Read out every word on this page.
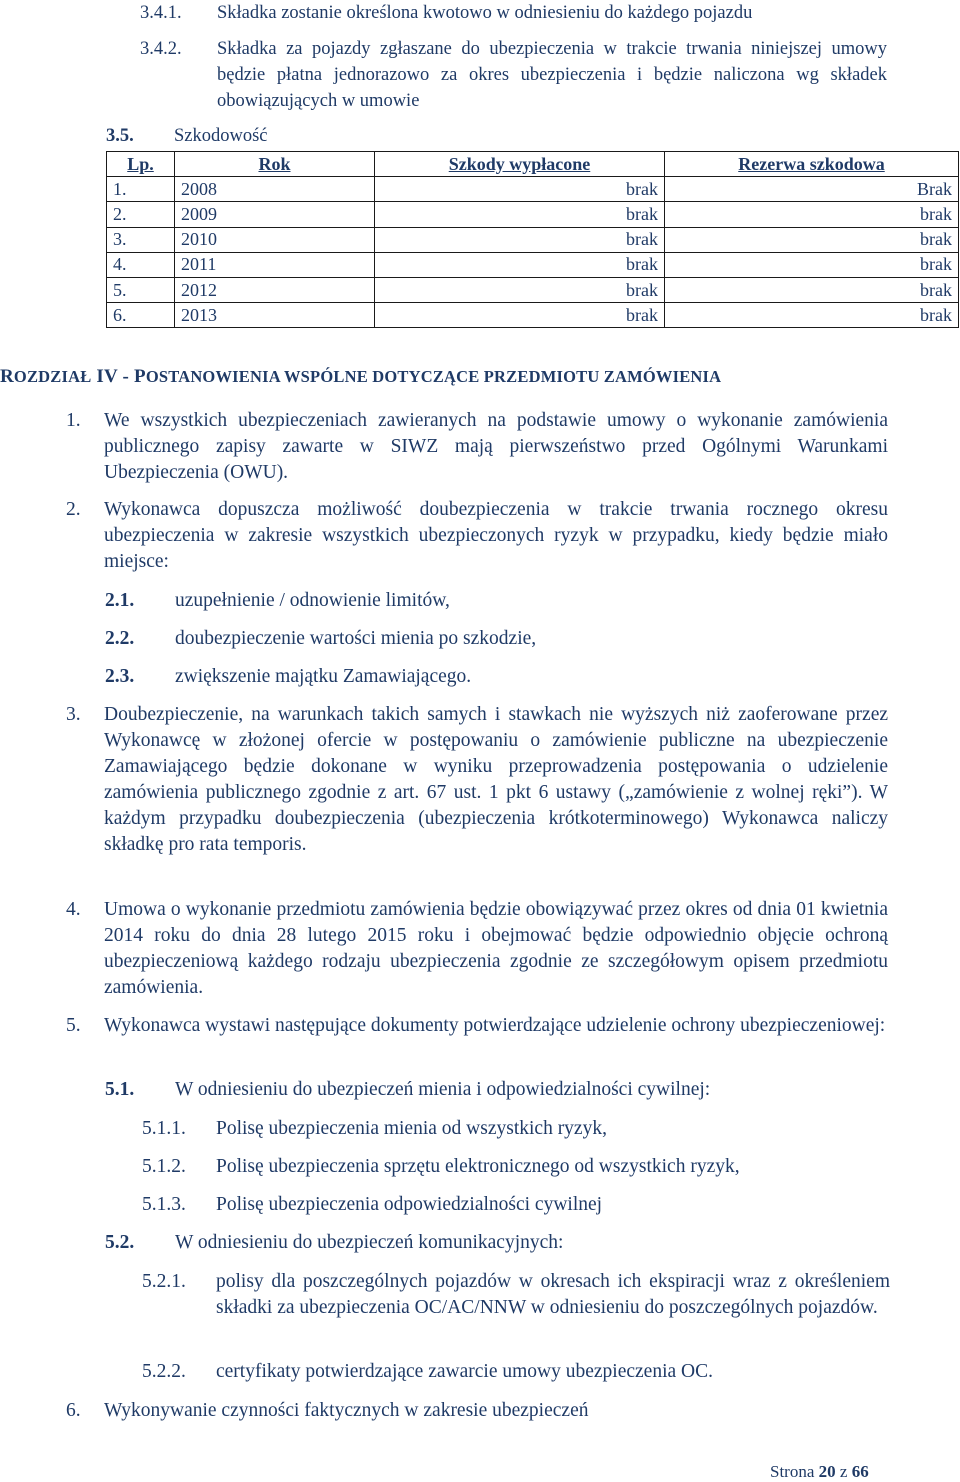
3.4.1. Składka zostanie określona kwotowo w odniesieniu do każdego pojazdu
3.4.2. Składka za pojazdy zgłaszane do ubezpieczenia w trakcie trwania niniejszej umowy będzie płatna jednorazowo za okres ubezpieczenia i będzie naliczona wg składek obowiązujących w umowie
3.5. Szkodowość
Lp.	Rok	Szkody wypłacone	Rezerwa szkodowa
1.	2008	brak	Brak
2.	2009	brak	brak
3.	2010	brak	brak
4.	2011	brak	brak
5.	2012	brak	brak
6.	2013	brak	brak
ROZDZIAŁ IV - POSTANOWIENIA WSPÓLNE DOTYCZĄCE PRZEDMIOTU ZAMÓWIENIA
1. We wszystkich ubezpieczeniach zawieranych na podstawie umowy o wykonanie zamówienia publicznego zapisy zawarte w SIWZ mają pierwszeństwo przed Ogólnymi Warunkami Ubezpieczenia (OWU).
2. Wykonawca dopuszcza możliwość doubezpieczenia w trakcie trwania rocznego okresu ubezpieczenia w zakresie wszystkich ubezpieczonych ryzyk w przypadku, kiedy będzie miało miejsce:
2.1. uzupełnienie / odnowienie limitów,
2.2. doubezpieczenie wartości mienia po szkodzie,
2.3. zwiększenie majątku Zamawiającego.
3. Doubezpieczenie, na warunkach takich samych i stawkach nie wyższych niż zaoferowane przez Wykonawcę w złożonej ofercie w postępowaniu o zamówienie publiczne na ubezpieczenie Zamawiającego będzie dokonane w wyniku przeprowadzenia postępowania o udzielenie zamówienia publicznego zgodnie z art. 67 ust. 1 pkt 6 ustawy („zamówienie z wolnej ręki”). W każdym przypadku doubezpieczenia (ubezpieczenia krótkoterminowego) Wykonawca naliczy składkę pro rata temporis.
4. Umowa o wykonanie przedmiotu zamówienia będzie obowiązywać przez okres od dnia 01 kwietnia 2014 roku do dnia 28 lutego 2015 roku i obejmować będzie odpowiednio objęcie ochroną ubezpieczeniową każdego rodzaju ubezpieczenia zgodnie ze szczegółowym opisem przedmiotu zamówienia.
5. Wykonawca wystawi następujące dokumenty potwierdzające udzielenie ochrony ubezpieczeniowej:
5.1. W odniesieniu do ubezpieczeń mienia i odpowiedzialności cywilnej:
5.1.1. Polisę ubezpieczenia mienia od wszystkich ryzyk,
5.1.2. Polisę ubezpieczenia sprzętu elektronicznego od wszystkich ryzyk,
5.1.3. Polisę ubezpieczenia odpowiedzialności cywilnej
5.2. W odniesieniu do ubezpieczeń komunikacyjnych:
5.2.1. polisy dla poszczególnych pojazdów w okresach ich ekspiracji wraz z określeniem składki za ubezpieczenia OC/AC/NNW w odniesieniu do poszczególnych pojazdów.
5.2.2. certyfikaty potwierdzające zawarcie umowy ubezpieczenia OC.
6. Wykonywanie czynności faktycznych w zakresie ubezpieczeń
Strona 20 z 66
